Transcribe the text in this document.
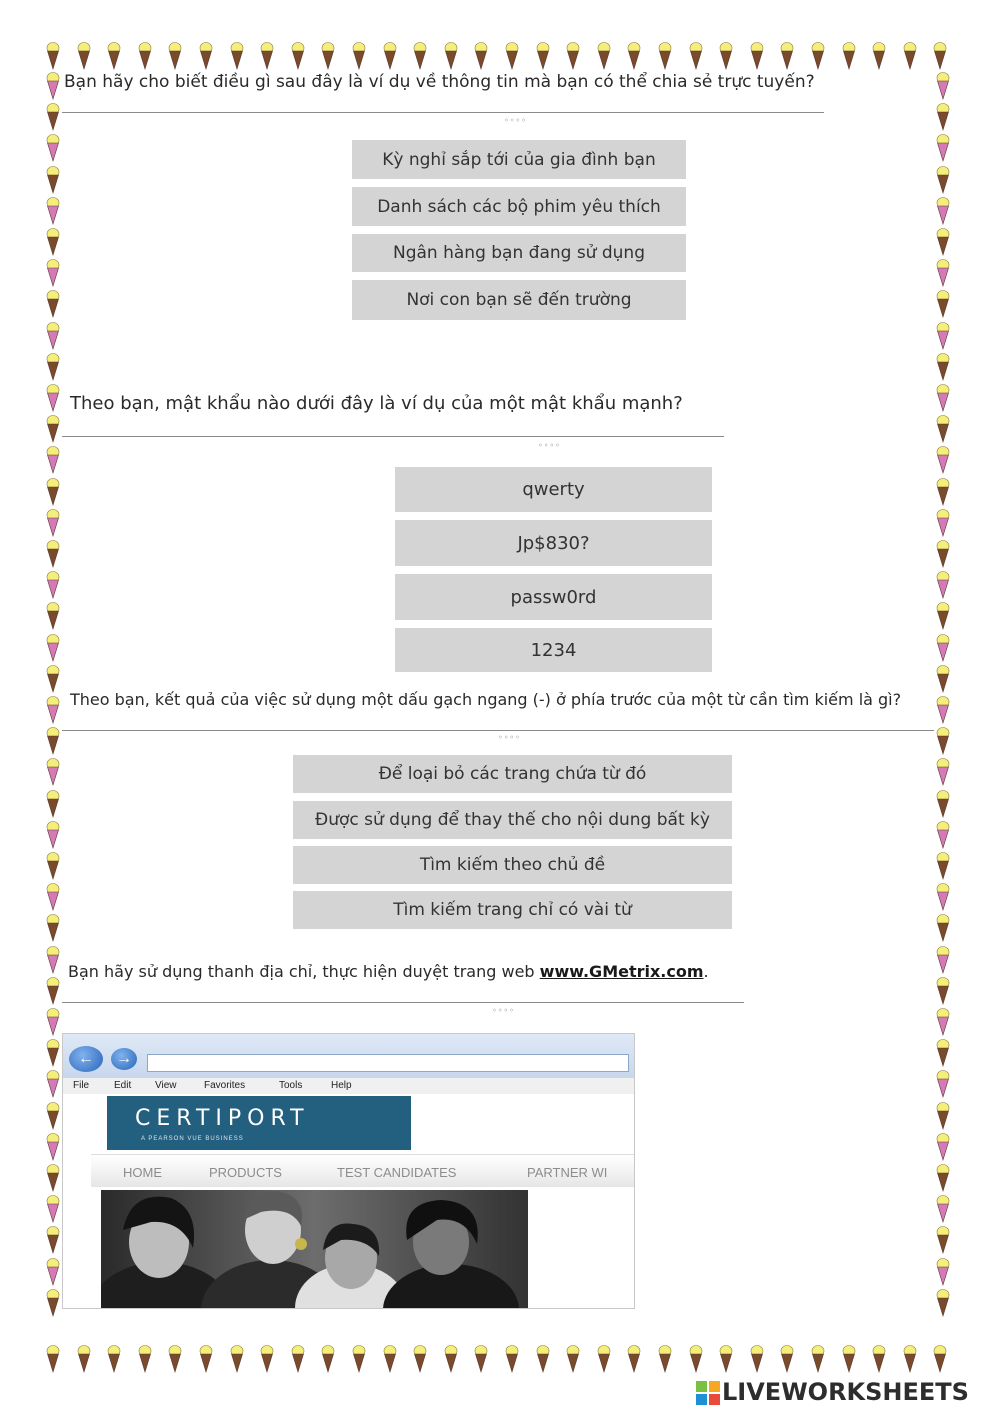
Bạn hãy cho biết điều gì sau đây là ví dụ về thông tin mà bạn có thể chia sẻ trực tuyến?
◦◦◦◦
Kỳ nghỉ sắp tới của gia đình bạn
Danh sách các bộ phim yêu thích
Ngân hàng bạn đang sử dụng
Nơi con bạn sẽ đến trường
Theo bạn, mật khẩu nào dưới đây là ví dụ của một mật khẩu mạnh?
◦◦◦◦
qwerty
Jp$830?
passw0rd
1234
Theo bạn, kết quả của việc sử dụng một dấu gạch ngang (-) ở phía trước của một từ cần tìm kiếm là gì?
◦◦◦◦
Để loại bỏ các trang chứa từ đó
Được sử dụng để thay thế cho nội dung bất kỳ
Tìm kiếm theo chủ đề
Tìm kiếm trang chỉ có vài từ
Bạn hãy sử dụng thanh địa chỉ, thực hiện duyệt trang web www.GMetrix.com.
◦◦◦◦
←	→
File Edit View	Favorites	Tools	Help
CERTIPORT
A PEARSON VUE BUSINESS
HOME	PRODUCTS	TEST CANDIDATES	PARTNER WI
LIVEWORKSHEETS
